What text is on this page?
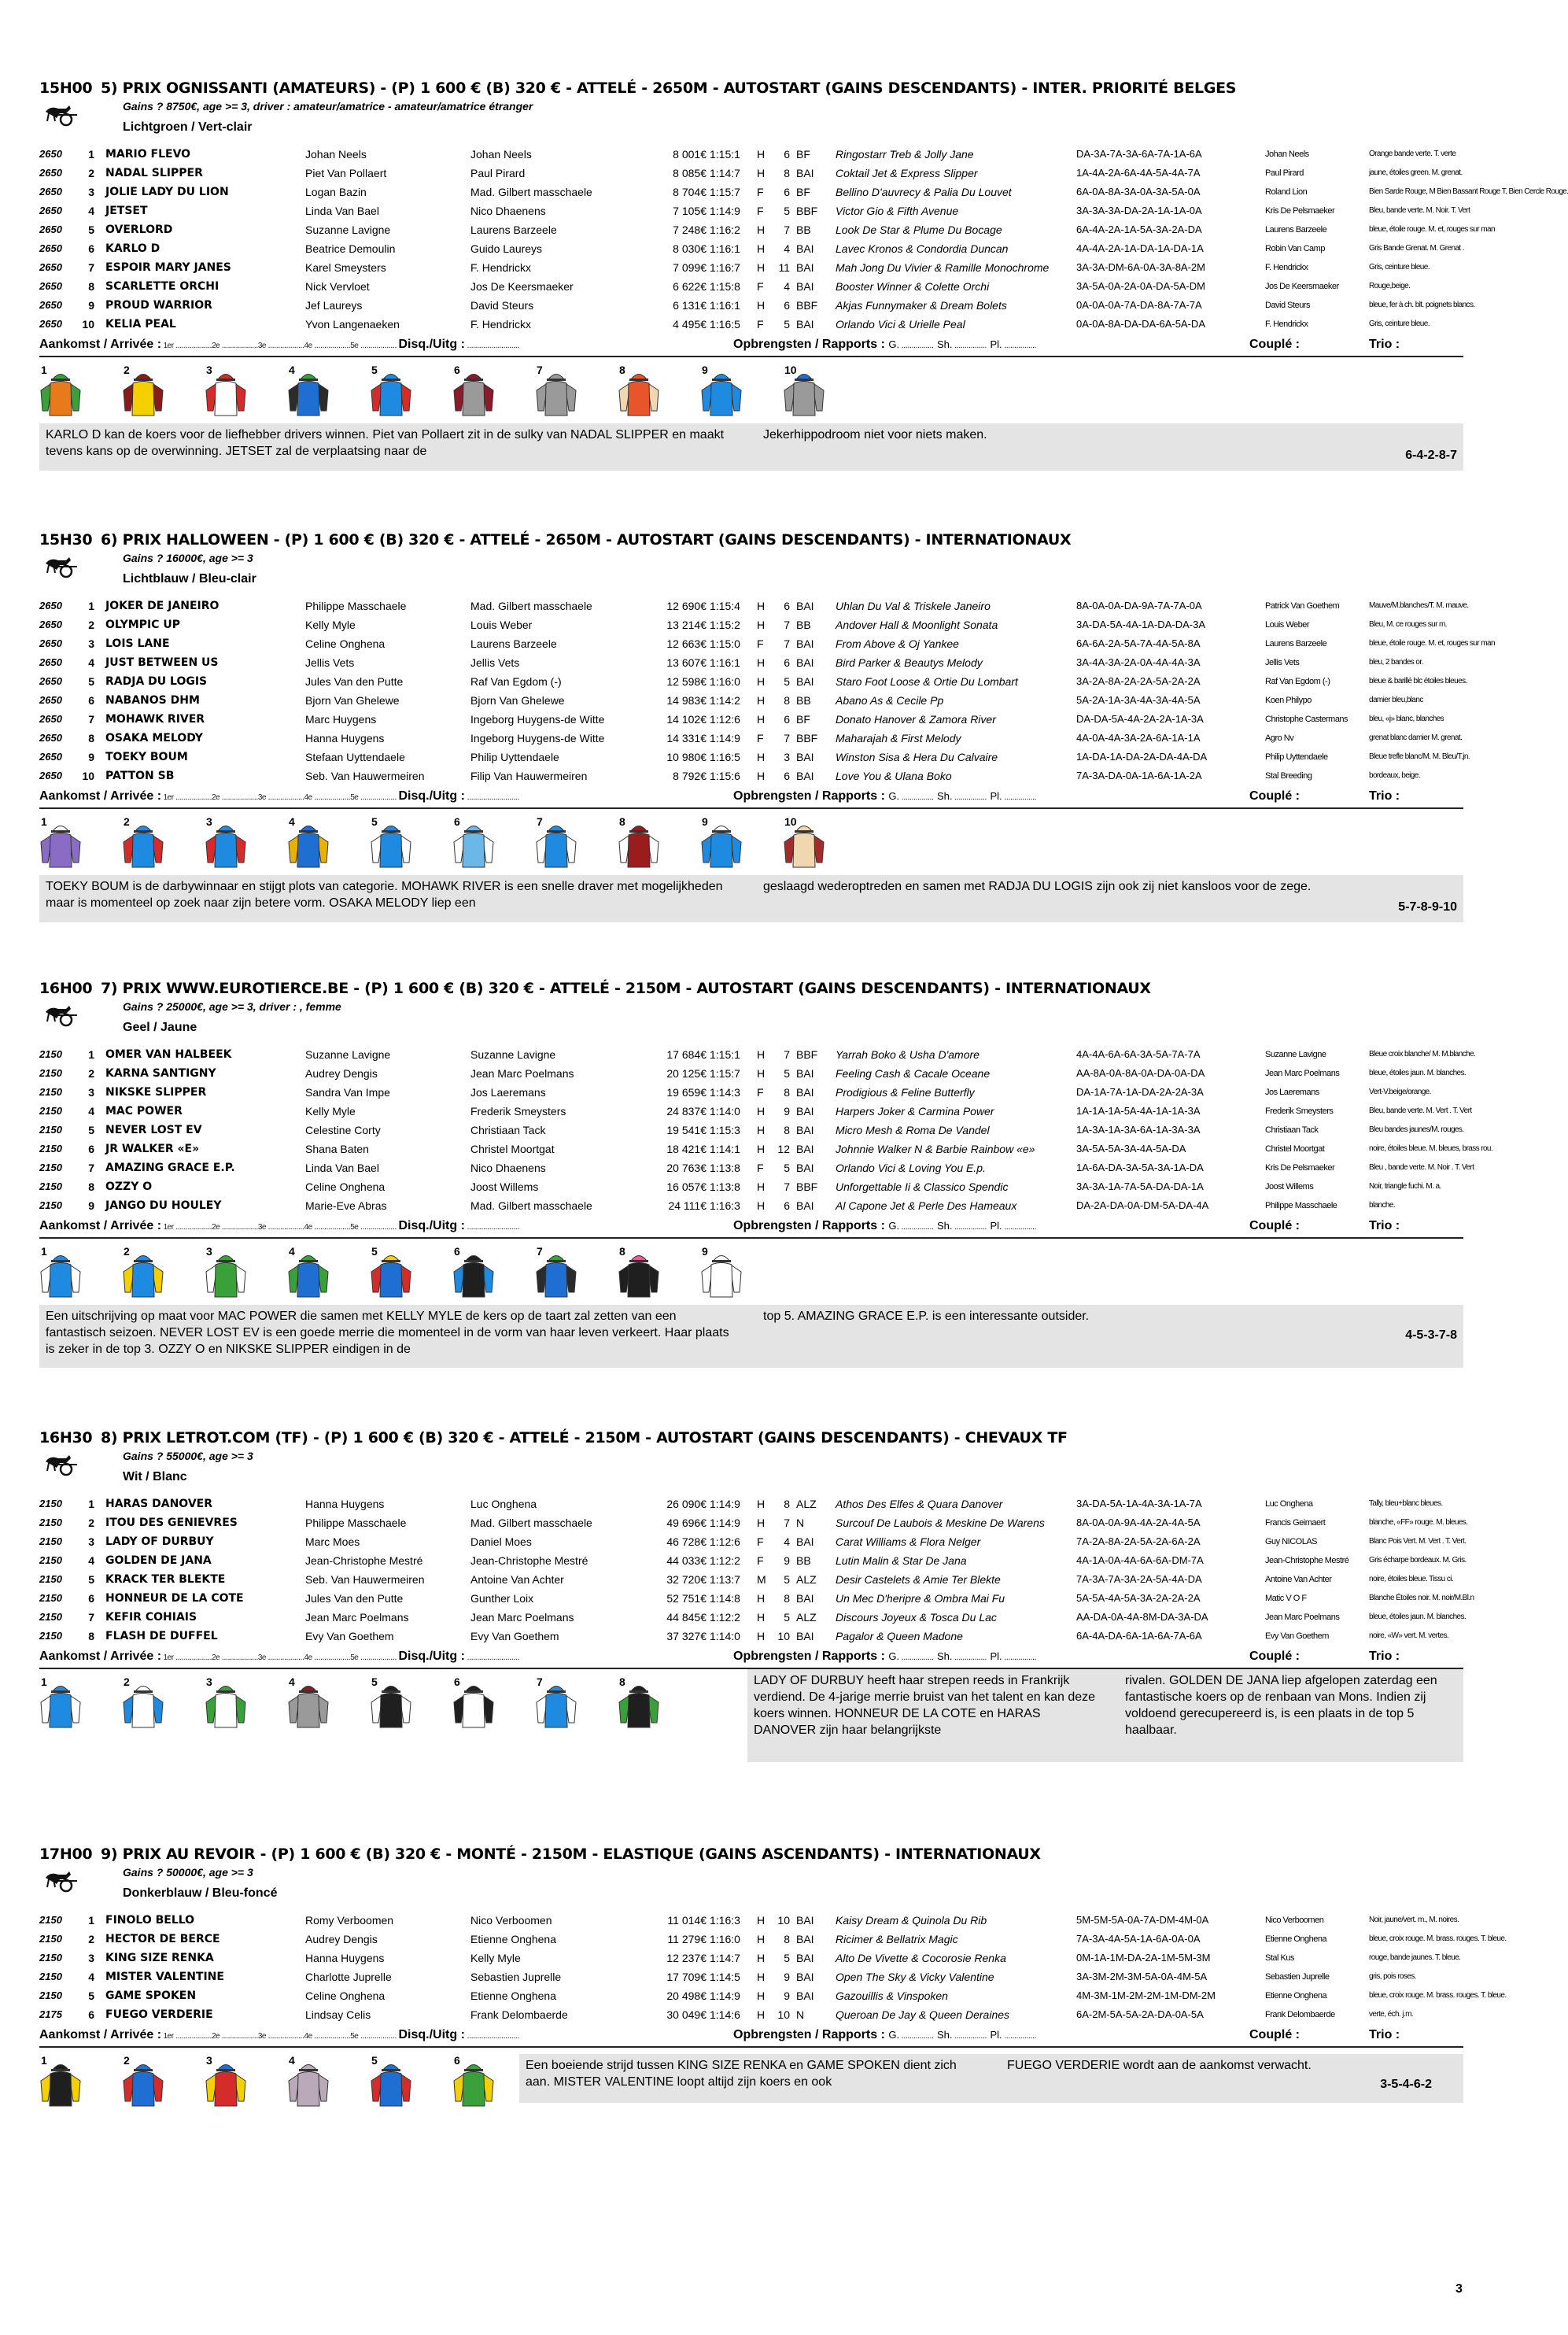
15H00 5) PRIX OGNISSANTI (AMATEURS) - (P) 1 600 € (B) 320 € - ATTELÉ - 2650M - AUTOSTART (GAINS DESCENDANTS) - INTER. PRIORITÉ BELGES
Gains ? 8750€, age >= 3, driver : amateur/amatrice - amateur/amatrice étranger
Lichtgroen / Vert-clair
2650	1 MARIO FLEVO	Johan Neels	Johan Neels	8 001€ 1:15:1	H	6 BF	Ringostarr Treb & Jolly Jane	DA-3A-7A-3A-6A-7A-1A-6A	Johan Neels	Orange bande verte. T. verte
2650	2 NADAL SLIPPER	Piet Van Pollaert	Paul Pirard	8 085€ 1:14:7	H	8 BAI	Coktail Jet & Express Slipper	1A-4A-2A-6A-4A-5A-4A-7A	Paul Pirard	jaune, étoiles green. M. grenat.
2650	3 JOLIE LADY DU LION	Logan Bazin	Mad. Gilbert masschaele	8 704€ 1:15:7	F	6 BF	Bellino D'auvrecy & Palia Du Louvet	6A-0A-8A-3A-0A-3A-5A-0A	Roland Lion	Bien Sarde Rouge, M Bien Bassant Rouge T. Bien Cercle Rouge.
2650	4 JETSET	Linda Van Bael	Nico Dhaenens	7 105€ 1:14:9	F	5 BBF	Victor Gio & Fifth Avenue	3A-3A-3A-DA-2A-1A-1A-0A	Kris De Pelsmaeker	Bleu, bande verte. M. Noir. T. Vert
2650	5 OVERLORD	Suzanne Lavigne	Laurens Barzeele	7 248€ 1:16:2	H	7 BB	Look De Star & Plume Du Bocage	6A-4A-2A-1A-5A-3A-2A-DA	Laurens Barzeele	bleue, étoile rouge. M. et, rouges sur man
2650	6 KARLO D	Beatrice Demoulin	Guido Laureys	8 030€ 1:16:1	H	4 BAI	Lavec Kronos & Condordia Duncan	4A-4A-2A-1A-DA-1A-DA-1A	Robin Van Camp	Gris Bande Grenat. M. Grenat .
2650	7 ESPOIR MARY JANES	Karel Smeysters	F. Hendrickx	7 099€ 1:16:7	H	11 BAI	Mah Jong Du Vivier & Ramille Monochrome	3A-3A-DM-6A-0A-3A-8A-2M	F. Hendrickx	Gris, ceinture bleue.
2650	8 SCARLETTE ORCHI	Nick Vervloet	Jos De Keersmaeker	6 622€ 1:15:8	F	4 BAI	Booster Winner & Colette Orchi	3A-5A-0A-2A-0A-DA-5A-DM	Jos De Keersmaeker	Rouge,beige.
2650	9 PROUD WARRIOR	Jef Laureys	David Steurs	6 131€ 1:16:1	H	6 BBF	Akjas Funnymaker & Dream Bolets	0A-0A-0A-7A-DA-8A-7A-7A	David Steurs	bleue, fer à ch. blt. poignets blancs.
2650	10 KELIA PEAL	Yvon Langenaeken	F. Hendrickx	4 495€ 1:16:5	F	5 BAI	Orlando Vici & Urielle Peal	0A-0A-8A-DA-DA-6A-5A-DA	F. Hendrickx	Gris, ceinture bleue.
Aankomst / Arrivée : 1er ..................2e ..................3e ..................4e ..................5e .................. Disq./Uitg : ..........................	Opbrengsten / Rapports : G. ................ Sh. ................ Pl. ................	Couplé :	Trio :
1	2	3	4	5	6	7	8	9	10
KARLO D kan de koers voor de liefhebber drivers winnen. Piet van Pollaert zit in de sulky van NADAL SLIPPER en maakt tevens kans op de overwinning. JETSET zal de verplaatsing naar de
Jekerhippodroom niet voor niets maken.
6-4-2-8-7
15H30 6) PRIX HALLOWEEN - (P) 1 600 € (B) 320 € - ATTELÉ - 2650M - AUTOSTART (GAINS DESCENDANTS) - INTERNATIONAUX
Gains ? 16000€, age >= 3
Lichtblauw / Bleu-clair
2650	1 JOKER DE JANEIRO	Philippe Masschaele	Mad. Gilbert masschaele	12 690€ 1:15:4	H	6 BAI	Uhlan Du Val & Triskele Janeiro	8A-0A-0A-DA-9A-7A-7A-0A	Patrick Van Goethem	Mauve/M.blanches/T. M. mauve.
2650	2 OLYMPIC UP	Kelly Myle	Louis Weber	13 214€ 1:15:2	H	7 BB	Andover Hall & Moonlight Sonata	3A-DA-5A-4A-1A-DA-DA-3A	Louis Weber	Bleu, M. ce rouges sur m.
2650	3 LOIS LANE	Celine Onghena	Laurens Barzeele	12 663€ 1:15:0	F	7 BAI	From Above & Oj Yankee	6A-6A-2A-5A-7A-4A-5A-8A	Laurens Barzeele	bleue, étoile rouge. M. et, rouges sur man
2650	4 JUST BETWEEN US	Jellis Vets	Jellis Vets	13 607€ 1:16:1	H	6 BAI	Bird Parker & Beautys Melody	3A-4A-3A-2A-0A-4A-4A-3A	Jellis Vets	bleu, 2 bandes or.
2650	5 RADJA DU LOGIS	Jules Van den Putte	Raf Van Egdom (-)	12 598€ 1:16:0	H	5 BAI	Staro Foot Loose & Ortie Du Lombart	3A-2A-8A-2A-2A-5A-2A-2A	Raf Van Egdom (-)	bleue & barillé blc étoiles bleues.
2650	6 NABANOS DHM	Bjorn Van Ghelewe	Bjorn Van Ghelewe	14 983€ 1:14:2	H	8 BB	Abano As & Cecile Pp	5A-2A-1A-3A-4A-3A-4A-5A	Koen Philypo	damier bleu,blanc
2650	7 MOHAWK RIVER	Marc Huygens	Ingeborg Huygens-de Witte	14 102€ 1:12:6	H	6 BF	Donato Hanover & Zamora River	DA-DA-5A-4A-2A-2A-1A-3A	Christophe Castermans	bleu, «j» blanc, blanches
2650	8 OSAKA MELODY	Hanna Huygens	Ingeborg Huygens-de Witte	14 331€ 1:14:9	F	7 BBF	Maharajah & First Melody	4A-0A-4A-3A-2A-6A-1A-1A	Agro Nv	grenat blanc damier M. grenat.
2650	9 TOEKY BOUM	Stefaan Uyttendaele	Philip Uyttendaele	10 980€ 1:16:5	H	3 BAI	Winston Sisa & Hera Du Calvaire	1A-DA-1A-DA-2A-DA-4A-DA	Philip Uyttendaele	Bleue trefle blanc/M. M. Bleu/T.jn.
2650	10 PATTON SB	Seb. Van Hauwermeiren	Filip Van Hauwermeiren	8 792€ 1:15:6	H	6 BAI	Love You & Ulana Boko	7A-3A-DA-0A-1A-6A-1A-2A	Stal Breeding	bordeaux, beige.
Aankomst / Arrivée : 1er ..................2e ..................3e ..................4e ..................5e .................. Disq./Uitg : ..........................	Opbrengsten / Rapports : G. ................ Sh. ................ Pl. ................	Couplé :	Trio :
1	2	3	4	5	6	7	8	9	10
TOEKY BOUM is de darbywinnaar en stijgt plots van categorie. MOHAWK RIVER is een snelle draver met mogelijkheden maar is momenteel op zoek naar zijn betere vorm. OSAKA MELODY liep een
geslaagd wederoptreden en samen met RADJA DU LOGIS zijn ook zij niet kansloos voor de zege.
5-7-8-9-10
16H00 7) PRIX WWW.EUROTIERCE.BE - (P) 1 600 € (B) 320 € - ATTELÉ - 2150M - AUTOSTART (GAINS DESCENDANTS) - INTERNATIONAUX
Gains ? 25000€, age >= 3, driver : , femme
Geel / Jaune
2150	1 OMER VAN HALBEEK	Suzanne Lavigne	Suzanne Lavigne	17 684€ 1:15:1	H	7 BBF	Yarrah Boko & Usha D'amore	4A-4A-6A-6A-3A-5A-7A-7A	Suzanne Lavigne	Bleue croix blanche/ M. M.blanche.
2150	2 KARNA SANTIGNY	Audrey Dengis	Jean Marc Poelmans	20 125€ 1:15:7	H	5 BAI	Feeling Cash & Cacale Oceane	AA-8A-0A-8A-0A-DA-0A-DA	Jean Marc Poelmans	bleue, étoiles jaun. M. blanches.
2150	3 NIKSKE SLIPPER	Sandra Van Impe	Jos Laeremans	19 659€ 1:14:3	F	8 BAI	Prodigious & Feline Butterfly	DA-1A-7A-1A-DA-2A-2A-3A	Jos Laeremans	Vert-V.beige/orange.
2150	4 MAC POWER	Kelly Myle	Frederik Smeysters	24 837€ 1:14:0	H	9 BAI	Harpers Joker & Carmina Power	1A-1A-1A-5A-4A-1A-1A-3A	Frederik Smeysters	Bleu, bande verte. M. Vert . T. Vert
2150	5 NEVER LOST EV	Celestine Corty	Christiaan Tack	19 541€ 1:15:3	H	8 BAI	Micro Mesh & Roma De Vandel	1A-3A-1A-3A-6A-1A-3A-3A	Christiaan Tack	Bleu bandes jaunes/M. rouges.
2150	6 JR WALKER «E»	Shana Baten	Christel Moortgat	18 421€ 1:14:1	H	12 BAI	Johnnie Walker N & Barbie Rainbow «e»	3A-5A-5A-3A-4A-5A-DA	Christel Moortgat	noire, étoiles bleue. M. bleues, brass rou.
2150	7 AMAZING GRACE E.P.	Linda Van Bael	Nico Dhaenens	20 763€ 1:13:8	F	5 BAI	Orlando Vici & Loving You E.p.	1A-6A-DA-3A-5A-3A-1A-DA	Kris De Pelsmaeker	Bleu , bande verte. M. Noir . T. Vert
2150	8 OZZY O	Celine Onghena	Joost Willems	16 057€ 1:13:8	H	7 BBF	Unforgettable Ii & Classico Spendic	3A-3A-1A-7A-5A-DA-DA-1A	Joost Willems	Noir, triangle fuchi. M. a.
2150	9 JANGO DU HOULEY	Marie-Eve Abras	Mad. Gilbert masschaele	24 111€ 1:16:3	H	6 BAI	Al Capone Jet & Perle Des Hameaux	DA-2A-DA-0A-DM-5A-DA-4A	Philippe Masschaele	blanche.
Aankomst / Arrivée : 1er ..................2e ..................3e ..................4e ..................5e .................. Disq./Uitg : ..........................	Opbrengsten / Rapports : G. ................ Sh. ................ Pl. ................	Couplé :	Trio :
1	2	3	4	5	6	7	8	9
Een uitschrijving op maat voor MAC POWER die samen met KELLY MYLE de kers op de taart zal zetten van een fantastisch seizoen. NEVER LOST EV is een goede merrie die momenteel in de vorm van haar leven verkeert. Haar plaats is zeker in de top 3. OZZY O en NIKSKE SLIPPER eindigen in de
top 5. AMAZING GRACE E.P. is een interessante outsider.
4-5-3-7-8
16H30 8) PRIX LETROT.COM (TF) - (P) 1 600 € (B) 320 € - ATTELÉ - 2150M - AUTOSTART (GAINS DESCENDANTS) - CHEVAUX TF
Gains ? 55000€, age >= 3
Wit / Blanc
2150	1 HARAS DANOVER	Hanna Huygens	Luc Onghena	26 090€ 1:14:9	H	8 ALZ	Athos Des Elfes & Quara Danover	3A-DA-5A-1A-4A-3A-1A-7A	Luc Onghena	Tally, bleu+blanc bleues.
2150	2 ITOU DES GENIEVRES	Philippe Masschaele	Mad. Gilbert masschaele	49 696€ 1:14:9	H	7 N	Surcouf De Laubois & Meskine De Warens	8A-0A-0A-9A-4A-2A-4A-5A	Francis Geimaert	blanche, «FF» rouge. M. bleues.
2150	3 LADY OF DURBUY	Marc Moes	Daniel Moes	46 728€ 1:12:6	F	4 BAI	Carat Williams & Flora Nelger	7A-2A-8A-2A-5A-2A-6A-2A	Guy NICOLAS	Blanc Pois Vert. M. Vert . T. Vert.
2150	4 GOLDEN DE JANA	Jean-Christophe Mestré	Jean-Christophe Mestré	44 033€ 1:12:2	F	9 BB	Lutin Malin & Star De Jana	4A-1A-0A-4A-6A-6A-DM-7A	Jean-Christophe Mestré	Gris écharpe bordeaux. M. Gris.
2150	5 KRACK TER BLEKTE	Seb. Van Hauwermeiren	Antoine Van Achter	32 720€ 1:13:7	M	5 ALZ	Desir Castelets & Amie Ter Blekte	7A-3A-7A-3A-2A-5A-4A-DA	Antoine Van Achter	noire, étoiles bleue. Tissu ci.
2150	6 HONNEUR DE LA COTE	Jules Van den Putte	Gunther Loix	52 751€ 1:14:8	H	8 BAI	Un Mec D'heripre & Ombra Mai Fu	5A-5A-4A-5A-3A-2A-2A-2A	Matic V O F	Blanche Étoiles noir. M. noir/M.Bl.n
2150	7 KEFIR COHIAIS	Jean Marc Poelmans	Jean Marc Poelmans	44 845€ 1:12:2	H	5 ALZ	Discours Joyeux & Tosca Du Lac	AA-DA-0A-4A-8M-DA-3A-DA	Jean Marc Poelmans	bleue, étoiles jaun. M. blanches.
2150	8 FLASH DE DUFFEL	Evy Van Goethem	Evy Van Goethem	37 327€ 1:14:0	H	10 BAI	Pagalor & Queen Madone	6A-4A-DA-6A-1A-6A-7A-6A	Evy Van Goethem	noire, «W» vert. M. vertes.
Aankomst / Arrivée : 1er ..................2e ..................3e ..................4e ..................5e .................. Disq./Uitg : ..........................	Opbrengsten / Rapports : G. ................ Sh. ................ Pl. ................	Couplé :	Trio :
1	2	3	4	5	6	7	8	LADY OF DURBUY heeft haar strepen reeds in Frankrijk verdiend. De 4-jarige merrie bruist van het talent en kan deze koers winnen. HONNEUR DE LA COTE en HARAS DANOVER zijn haar belangrijkste
rivalen. GOLDEN DE JANA liep afgelopen zaterdag een fantastische koers op de renbaan van Mons. Indien zij voldoend gerecupereerd is, is een plaats in de top 5 haalbaar.
17H00 9) PRIX AU REVOIR - (P) 1 600 € (B) 320 € - MONTÉ - 2150M - ELASTIQUE (GAINS ASCENDANTS) - INTERNATIONAUX
Gains ? 50000€, age >= 3
Donkerblauw / Bleu-foncé
2150	1 FINOLO BELLO	Romy Verboomen	Nico Verboomen	11 014€ 1:16:3	H	10 BAI	Kaisy Dream & Quinola Du Rib	5M-5M-5A-0A-7A-DM-4M-0A	Nico Verboomen	Noir, jaune/vert. m., M. noires.
2150	2 HECTOR DE BERCE	Audrey Dengis	Etienne Onghena	11 279€ 1:16:0	H	8 BAI	Ricimer & Bellatrix Magic	7A-3A-4A-5A-1A-6A-0A-0A	Etienne Onghena	bleue, croix rouge. M. brass. rouges. T. bleue.
2150	3 KING SIZE RENKA	Hanna Huygens	Kelly Myle	12 237€ 1:14:7	H	5 BAI	Alto De Vivette & Cocorosie Renka	0M-1A-1M-DA-2A-1M-5M-3M	Stal Kus	rouge, bande jaunes. T. bleue.
2150	4 MISTER VALENTINE	Charlotte Juprelle	Sebastien Juprelle	17 709€ 1:14:5	H	9 BAI	Open The Sky & Vicky Valentine	3A-3M-2M-3M-5A-0A-4M-5A	Sebastien Juprelle	gris, pois roses.
2150	5 GAME SPOKEN	Celine Onghena	Etienne Onghena	20 498€ 1:14:9	H	9 BAI	Gazouillis & Vinspoken	4M-3M-1M-2M-2M-1M-DM-2M	Etienne Onghena	bleue, croix rouge. M. brass. rouges. T. bleue.
2175	6 FUEGO VERDERIE	Lindsay Celis	Frank Delombaerde	30 049€ 1:14:6	H	10 N	Queroan De Jay & Queen Deraines	6A-2M-5A-5A-2A-DA-0A-5A	Frank Delombaerde	verte, éch. j.m.
Aankomst / Arrivée : 1er ..................2e ..................3e ..................4e ..................5e .................. Disq./Uitg : ..........................	Opbrengsten / Rapports : G. ................ Sh. ................ Pl. ................	Couplé :	Trio :
1	2	3	4	5	6	Een boeiende strijd tussen KING SIZE RENKA en GAME SPOKEN dient zich aan. MISTER VALENTINE loopt altijd zijn koers en ook
FUEGO VERDERIE wordt aan de aankomst verwacht.
3-5-4-6-2
3
